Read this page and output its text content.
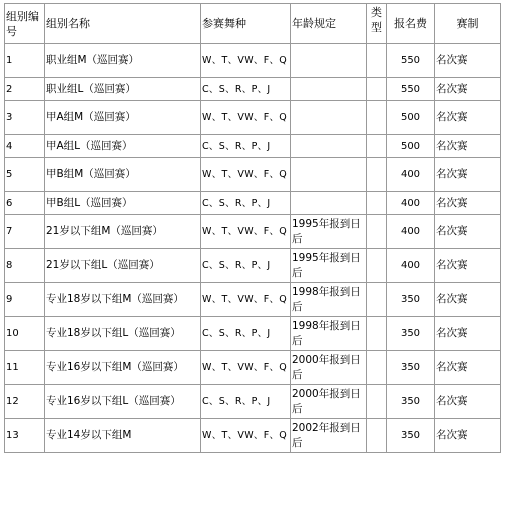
组别编号	组别名称	参赛舞种	年龄规定	类型	报名费	赛制
1	职业组M（巡回赛）	W、T、VW、F、Q			550	名次赛
2	职业组L（巡回赛）	C、S、R、P、J			550	名次赛
3	甲A组M（巡回赛）	W、T、VW、F、Q			500	名次赛
4	甲A组L（巡回赛）	C、S、R、P、J			500	名次赛
5	甲B组M（巡回赛）	W、T、VW、F、Q			400	名次赛
6	甲B组L（巡回赛）	C、S、R、P、J			400	名次赛
7	21岁以下组M（巡回赛）	W、T、VW、F、Q	1995年报到日后		400	名次赛
8	21岁以下组L（巡回赛）	C、S、R、P、J	1995年报到日后		400	名次赛
9	专业18岁以下组M（巡回赛）	W、T、VW、F、Q	1998年报到日后		350	名次赛
10	专业18岁以下组L（巡回赛）	C、S、R、P、J	1998年报到日后		350	名次赛
11	专业16岁以下组M（巡回赛）	W、T、VW、F、Q	2000年报到日后		350	名次赛
12	专业16岁以下组L（巡回赛）	C、S、R、P、J	2000年报到日后		350	名次赛
13	专业14岁以下组M	W、T、VW、F、Q	2002年报到日后		350	名次赛
